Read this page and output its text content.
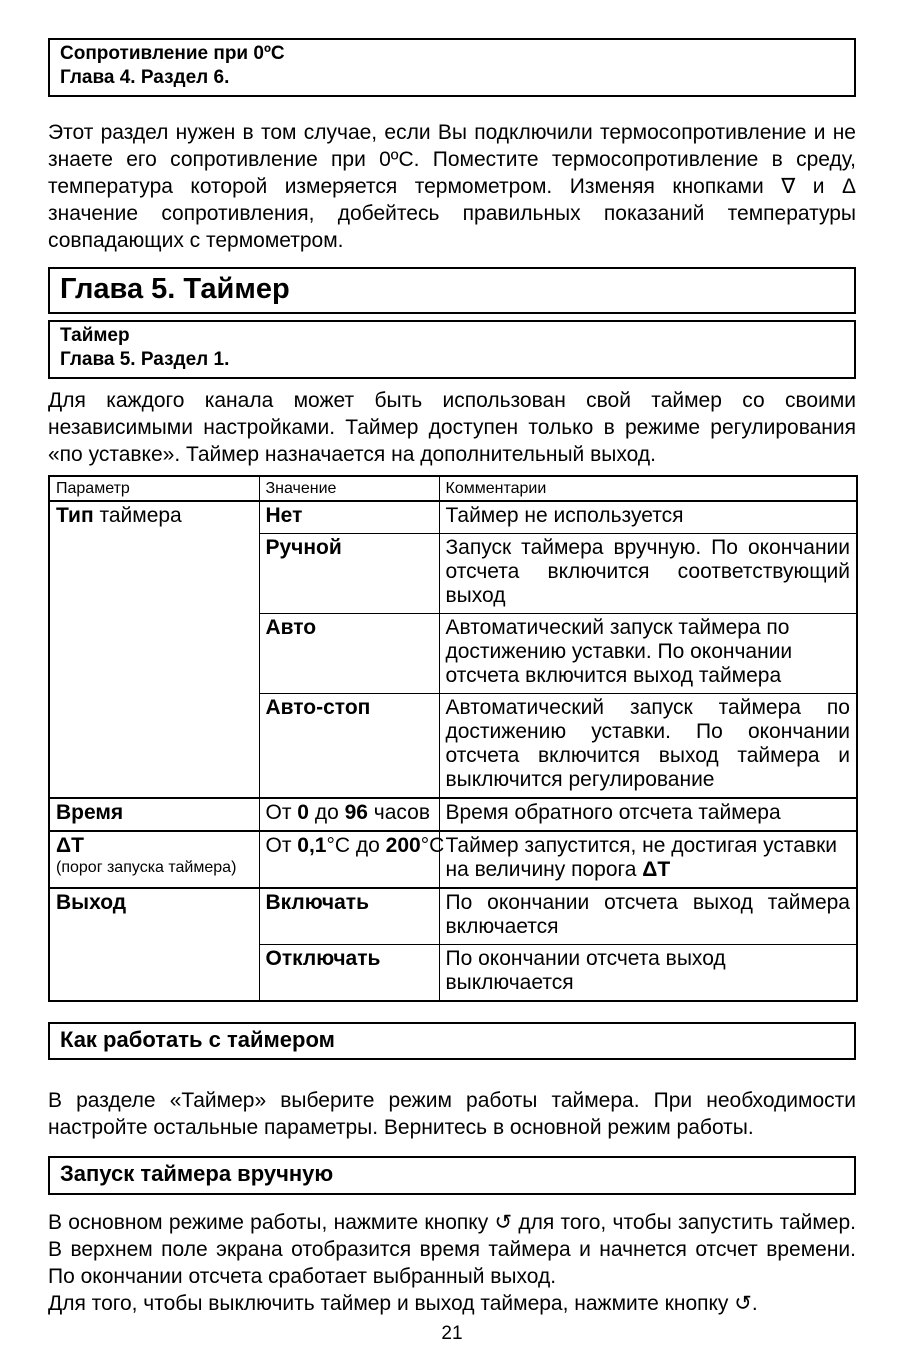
Сопротивление при 0ºС
Глава 4. Раздел 6.

Этот раздел нужен в том случае, если Вы подключили термосопротивление и не знаете его сопротивление при 0ºС. Поместите термосопротивление в среду, температура которой измеряется термометром. Изменяя кнопками ∇ и Δ значение сопротивления, добейтесь правильных показаний температуры совпадающих с термометром.

Глава 5. Таймер
Таймер
Глава 5. Раздел 1.

Для каждого канала может быть использован свой таймер со своими независимыми настройками. Таймер доступен только в режиме регулирования «по уставке». Таймер назначается на дополнительный выход.

Параметр	Значение	Комментарии
Тип таймера	Нет	Таймер не используется
	Ручной	Запуск таймера вручную. По окончании отсчета включится соответствующий выход
	Авто	Автоматический запуск таймера по достижению уставки. По окончании отсчета включится выход таймера
	Авто-стоп	Автоматический запуск таймера по достижению уставки. По окончании отсчета включится выход таймера и выключится регулирование
Время	От 0 до 96 часов	Время обратного отсчета таймера
ΔТ
(порог запуска таймера)	От 0,1°С до 200°С	Таймер запустится, не достигая уставки на величину порога ΔТ
Выход	Включать	По окончании отсчета выход таймера включается
	Отключать	По окончании отсчета выход выключается
Как работать с таймером

В разделе «Таймер» выберите режим работы таймера. При необходимости настройте остальные параметры. Вернитесь в основной режим работы.

Запуск таймера вручную

В основном режиме работы, нажмите кнопку ↺ для того, чтобы запустить таймер. В верхнем поле экрана отобразится время таймера и начнется отсчет времени. По окончании отсчета сработает выбранный выход.

Для того, чтобы выключить таймер и выход таймера, нажмите кнопку ↺.

21
